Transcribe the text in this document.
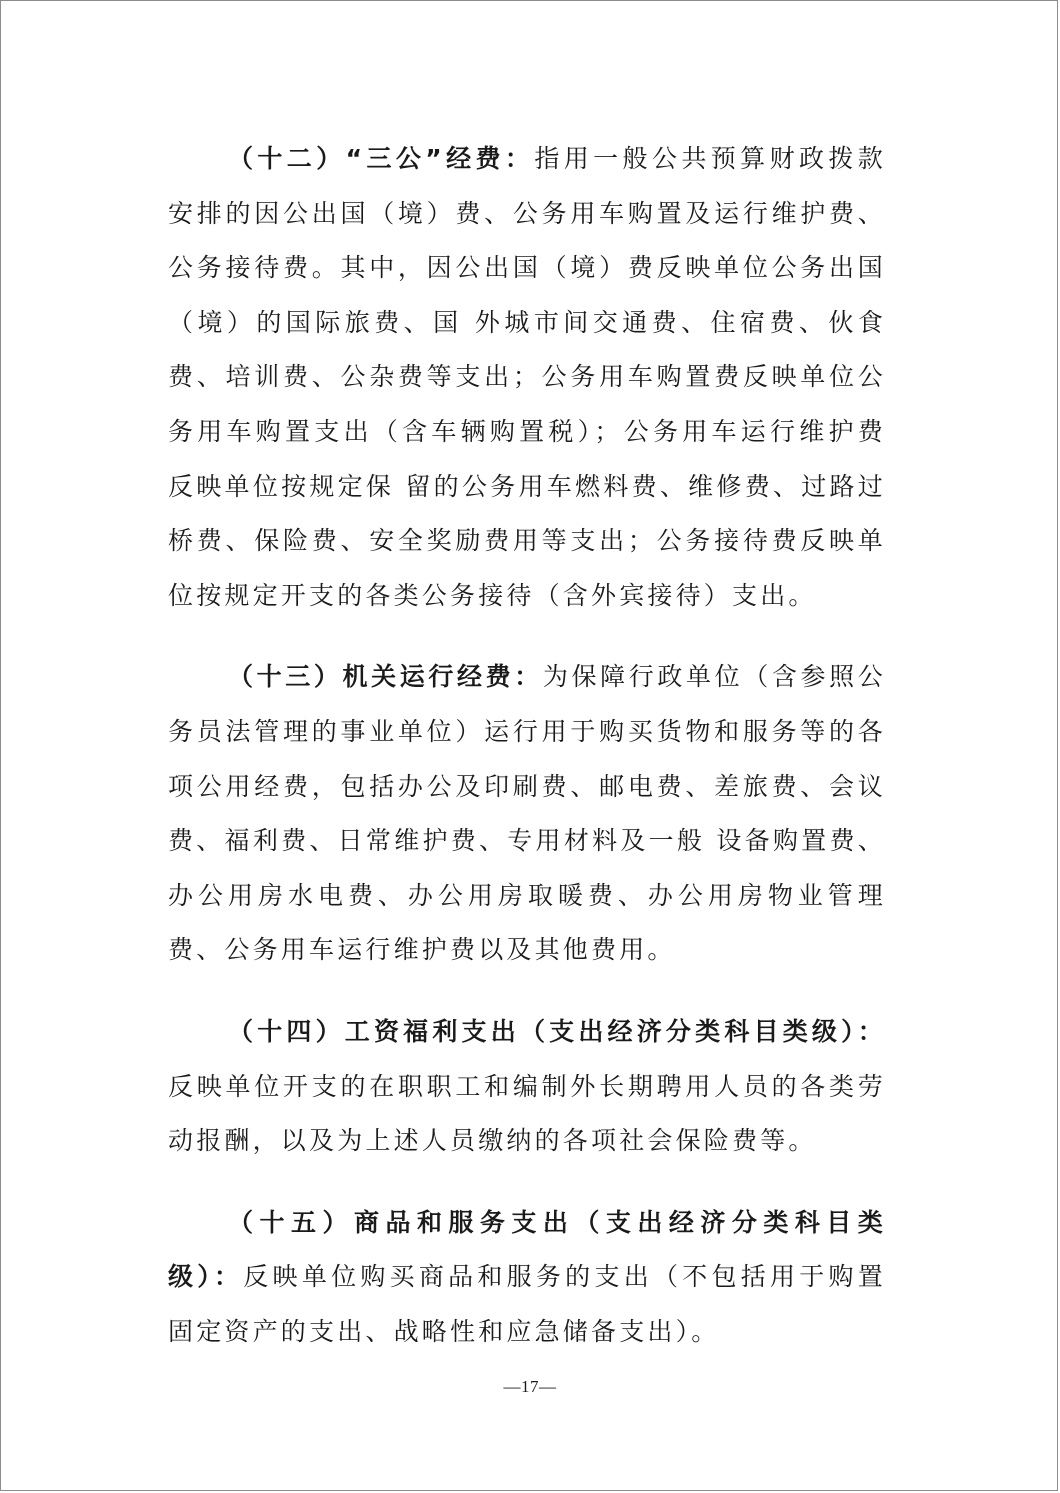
（十二）“三公”经费：指用一般公共预算财政拨款安排的因公出国（境）费、公务用车购置及运行维护费、公务接待费。其中，因公出国（境）费反映单位公务出国（境）的国际旅费、国 外城市间交通费、住宿费、伙食费、培训费、公杂费等支出；公务用车购置费反映单位公务用车购置支出（含车辆购置税）；公务用车运行维护费反映单位按规定保 留的公务用车燃料费、维修费、过路过桥费、保险费、安全奖励费用等支出；公务接待费反映单位按规定开支的各类公务接待（含外宾接待）支出。

（十三）机关运行经费：为保障行政单位（含参照公务员法管理的事业单位）运行用于购买货物和服务等的各项公用经费，包括办公及印刷费、邮电费、差旅费、会议费、福利费、日常维护费、专用材料及一般 设备购置费、办公用房水电费、办公用房取暖费、办公用房物业管理费、公务用车运行维护费以及其他费用。

（十四）工资福利支出（支出经济分类科目类级）：反映单位开支的在职职工和编制外长期聘用人员的各类劳动报酬，以及为上述人员缴纳的各项社会保险费等。

（十五）商品和服务支出（支出经济分类科目类级）：反映单位购买商品和服务的支出（不包括用于购置固定资产的支出、战略性和应急储备支出）。

—17—
